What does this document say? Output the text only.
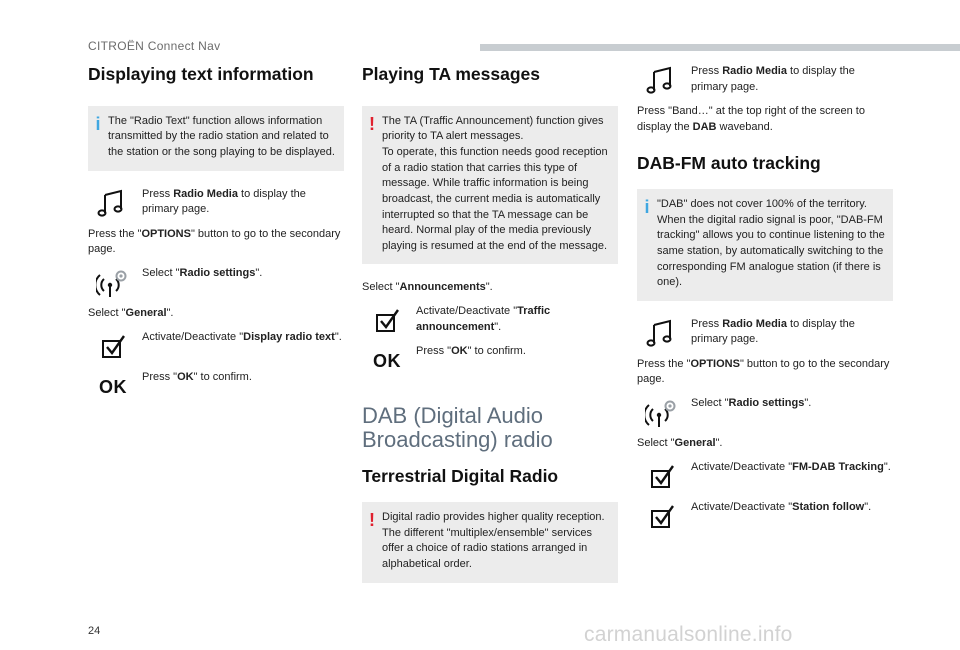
CITROËN Connect Nav
Displaying text information
i The "Radio Text" function allows information transmitted by the radio station and related to the station or the song playing to be displayed.

Press Radio Media to display the primary page.

Press the "OPTIONS" button to go to the secondary page.

Select "Radio settings".

Select "General".

Activate/Deactivate "Display radio text".

OK Press "OK" to confirm.

Playing TA messages
! The TA (Traffic Announcement) function gives priority to TA alert messages.
To operate, this function needs good reception of a radio station that carries this type of message. While traffic information is being broadcast, the current media is automatically interrupted so that the TA message can be heard. Normal play of the media previously playing is resumed at the end of the message.

Select "Announcements".

Activate/Deactivate "Traffic announcement".

OK Press "OK" to confirm.

DAB (Digital Audio Broadcasting) radio
Terrestrial Digital Radio
! Digital radio provides higher quality reception.
The different "multiplex/ensemble" services offer a choice of radio stations arranged in alphabetical order.

Press Radio Media to display the primary page.

Press "Band…" at the top right of the screen to display the DAB waveband.

DAB-FM auto tracking
i "DAB" does not cover 100% of the territory.
When the digital radio signal is poor, "DAB-FM tracking" allows you to continue listening to the same station, by automatically switching to the corresponding FM analogue station (if there is one).

Press Radio Media to display the primary page.

Press the "OPTIONS" button to go to the secondary page.

Select "Radio settings".

Select "General".

Activate/Deactivate "FM-DAB Tracking".

Activate/Deactivate "Station follow".

24	carmanualsonline.info
